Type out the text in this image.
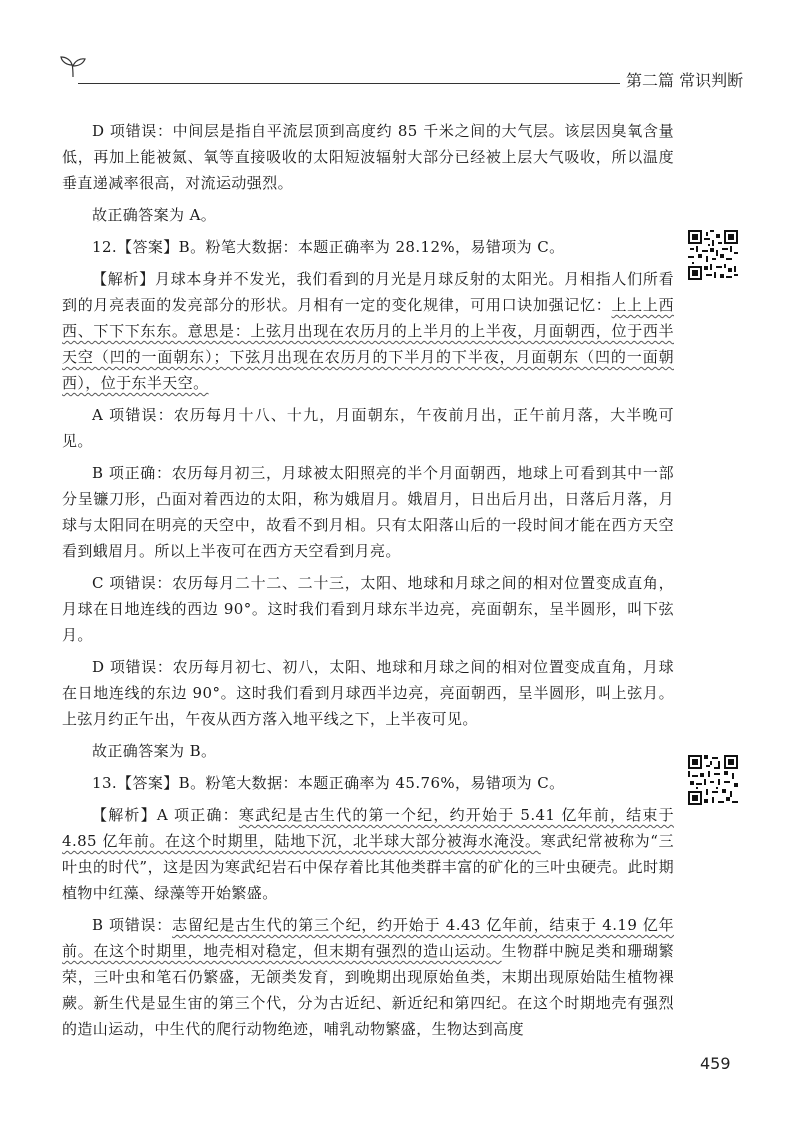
第二篇 常识判断

D 项错误：中间层是指自平流层顶到高度约 85 千米之间的大气层。该层因臭氧含量低，再加上能被氮、氧等直接吸收的太阳短波辐射大部分已经被上层大气吸收，所以温度垂直递减率很高，对流运动强烈。

故正确答案为 A。

12.【答案】B。粉笔大数据：本题正确率为 28.12%，易错项为 C。

【解析】月球本身并不发光，我们看到的月光是月球反射的太阳光。月相指人们所看到的月亮表面的发亮部分的形状。月相有一定的变化规律，可用口诀加强记忆：上上上西西、下下下东东。意思是：上弦月出现在农历月的上半月的上半夜，月面朝西，位于西半天空（凹的一面朝东）；下弦月出现在农历月的下半月的下半夜，月面朝东（凹的一面朝西），位于东半天空。

A 项错误：农历每月十八、十九，月面朝东，午夜前月出，正午前月落，大半晚可见。

B 项正确：农历每月初三，月球被太阳照亮的半个月面朝西，地球上可看到其中一部分呈镰刀形，凸面对着西边的太阳，称为娥眉月。娥眉月，日出后月出，日落后月落，月球与太阳同在明亮的天空中，故看不到月相。只有太阳落山后的一段时间才能在西方天空看到蛾眉月。所以上半夜可在西方天空看到月亮。

C 项错误：农历每月二十二、二十三，太阳、地球和月球之间的相对位置变成直角，月球在日地连线的西边 90°。这时我们看到月球东半边亮，亮面朝东，呈半圆形，叫下弦月。

D 项错误：农历每月初七、初八，太阳、地球和月球之间的相对位置变成直角，月球在日地连线的东边 90°。这时我们看到月球西半边亮，亮面朝西，呈半圆形，叫上弦月。上弦月约正午出，午夜从西方落入地平线之下，上半夜可见。

故正确答案为 B。

13.【答案】B。粉笔大数据：本题正确率为 45.76%，易错项为 C。

【解析】A 项正确：寒武纪是古生代的第一个纪，约开始于 5.41 亿年前，结束于 4.85 亿年前。在这个时期里，陆地下沉，北半球大部分被海水淹没。寒武纪常被称为“三叶虫的时代”，这是因为寒武纪岩石中保存着比其他类群丰富的矿化的三叶虫硬壳。此时期植物中红藻、绿藻等开始繁盛。

B 项错误：志留纪是古生代的第三个纪，约开始于 4.43 亿年前，结束于 4.19 亿年前。在这个时期里，地壳相对稳定，但末期有强烈的造山运动。生物群中腕足类和珊瑚繁荣，三叶虫和笔石仍繁盛，无颌类发育，到晚期出现原始鱼类，末期出现原始陆生植物裸蕨。新生代是显生宙的第三个代，分为古近纪、新近纪和第四纪。在这个时期地壳有强烈的造山运动，中生代的爬行动物绝迹，哺乳动物繁盛，生物达到高度

459
